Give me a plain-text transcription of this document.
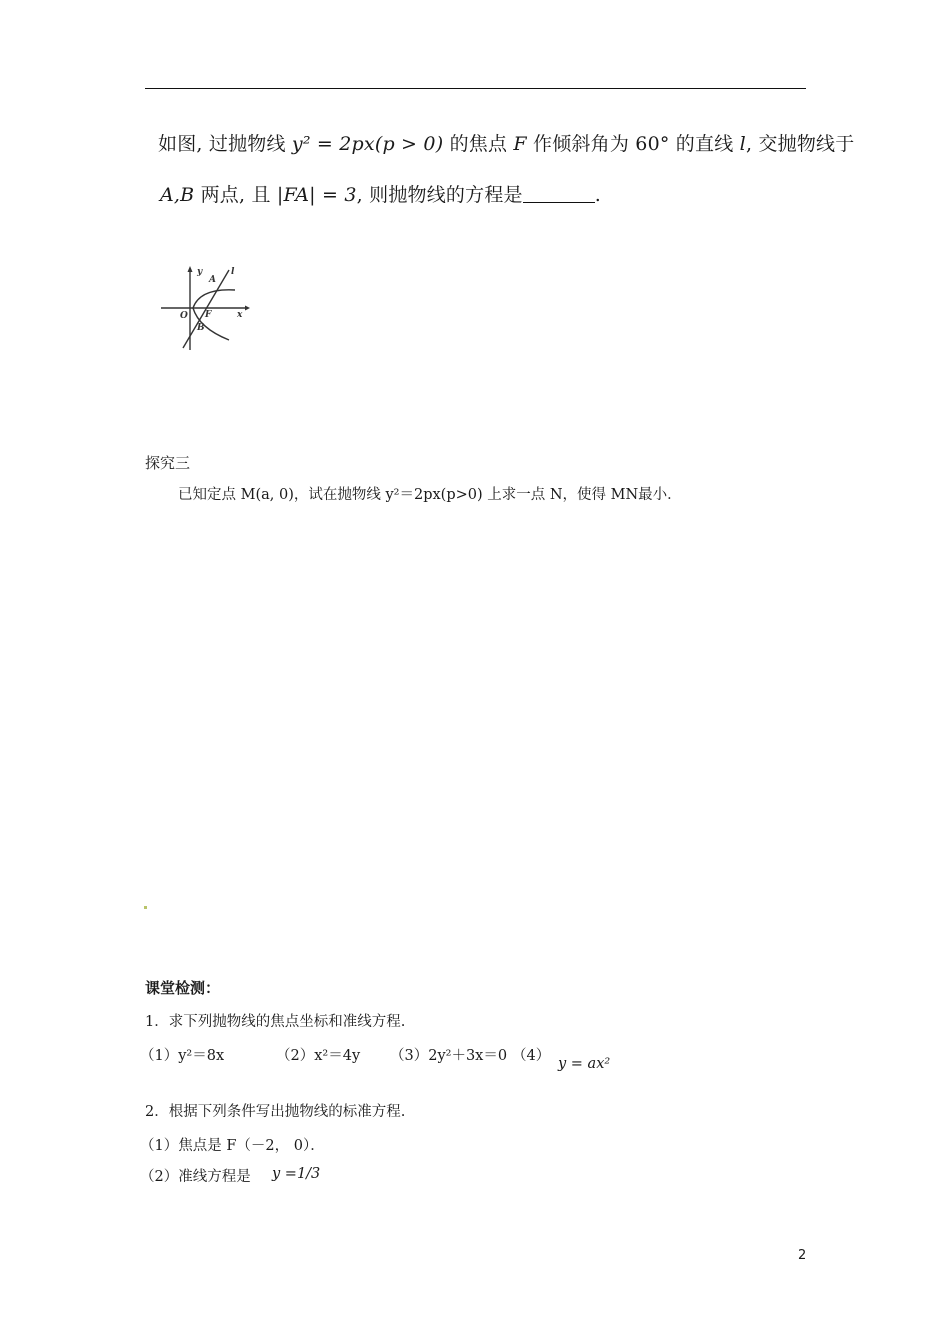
如图, 过抛物线 y² = 2px(p > 0) 的焦点 F 作倾斜角为 60° 的直线 l, 交抛物线于
A,B 两点, 且 |FA| = 3, 则抛物线的方程是	.
y	l
A
O F
B
x
探究三
已知定点 M(a, 0)，试在抛物线 y²＝2px(p>0) 上求一点 N，使得 MN最小．
课堂检测：
1．求下列抛物线的焦点坐标和准线方程.
（1）y²＝8x	（2）x²＝4y （3）2y²＋3x＝0 （4） y = ax²
2．根据下列条件写出抛物线的标准方程.
（1）焦点是 F（－2， 0）．
（2）准线方程是 y =1/3
2
